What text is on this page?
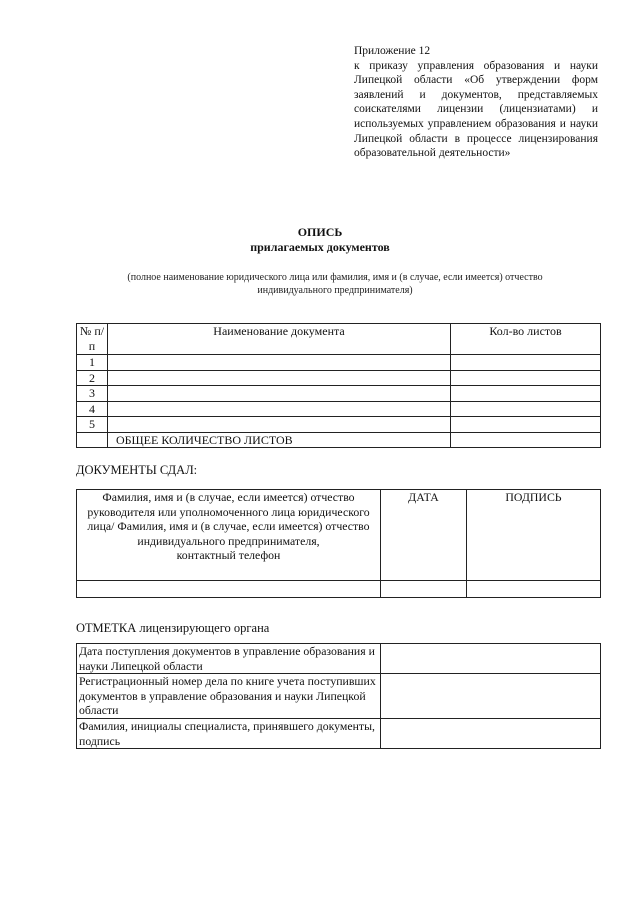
Приложение 12
к приказу управления образования и науки Липецкой области «Об утверждении форм заявлений и документов, представляемых соискателями лицензии (лицензиатами) и используемых управлением образования и науки Липецкой области в процессе лицензирования образовательной деятельности»
ОПИСЬ
прилагаемых документов
(полное наименование юридического лица или фамилия, имя и (в случае, если имеется) отчество индивидуального предпринимателя)
№ п/п	Наименование документа	Кол-во листов
1		
2		
3		
4		
5		
	ОБЩЕЕ КОЛИЧЕСТВО ЛИСТОВ	
ДОКУМЕНТЫ СДАЛ:
Фамилия, имя и (в случае, если имеется) отчество руководителя или уполномоченного лица юридического лица/ Фамилия, имя и (в случае, если имеется) отчество индивидуального предпринимателя,
контактный телефон	ДАТА	ПОДПИСЬ

ОТМЕТКА лицензирующего органа
Дата поступления документов в управление образования и науки Липецкой области	
Регистрационный номер дела по книге учета поступивших документов в управление образования и науки Липецкой области	
Фамилия, инициалы специалиста, принявшего документы, подпись	
